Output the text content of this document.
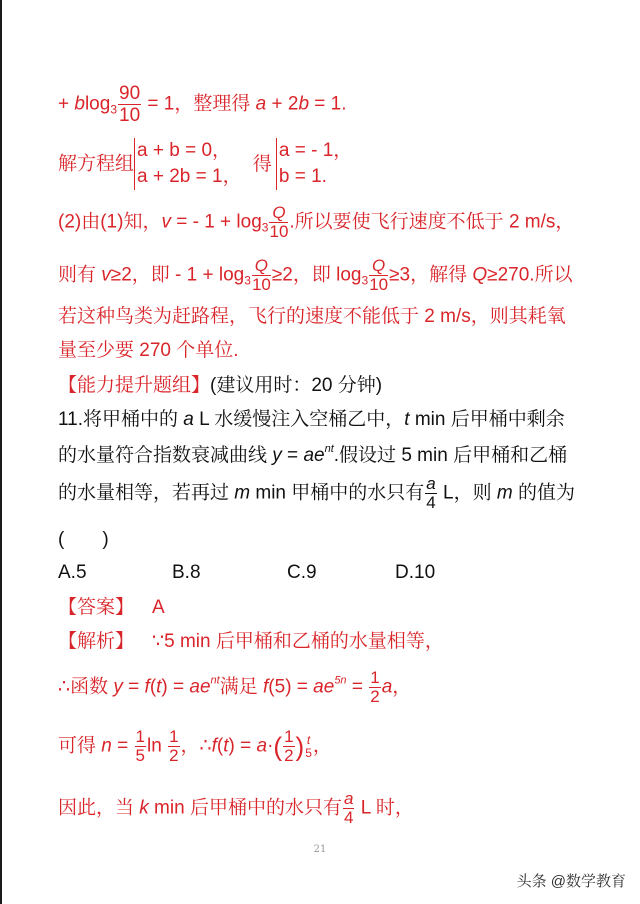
+ $blog_3 \frac{90}{10} = 1$，整理得 a + 2b = 1.
解方程组
a + b = 0，
a + 2b = 1，
得
a = - 1，
b = 1.
(2)由(1)知，v = - $1 + \log_3 \frac{Q}{10}$ .所以要使飞行速度不低于 2 m/s，
则有 v≥2，即 - $1 + \log_3 \frac{Q}{10} \ge 2$，即 $\log_3 \frac{Q}{10} \ge 3$，解得 Q≥270.所以
若这种鸟类为赶路程，飞行的速度不能低于 2 m/s，则其耗氧
量至少要 270 个单位.
【能力提升题组】(建议用时：20 分钟)
11.将甲桶中的 a L 水缓慢注入空桶乙中，t min 后甲桶中剩余
的水量符合指数衰减曲线 $y = ae^{nt}$.假设过 5 min 后甲桶和乙桶
的水量相等，若再过 m min 甲桶中的水只有 $\frac{a}{4}$ L，则 m 的值为
(　　)
A.5	B.8	C.9	D.10
【答案】 A
【解析】 ∵5 min 后甲桶和乙桶的水量相等，
∴函数 $y = f(t) = ae^{nt}$满足 $f(5) = ae^{5n} = \frac{1}{2}$ a，
可得 $n = \frac{1}{5}$ $\ln \frac{1}{2}$ ，∴f(t) = $a\cdot( \frac{1}{2}$ ) t
5 ，
因此，当 k min 后甲桶中的水只有 $\frac{a}{4}$ L 时，
21
头条 @数学教育
